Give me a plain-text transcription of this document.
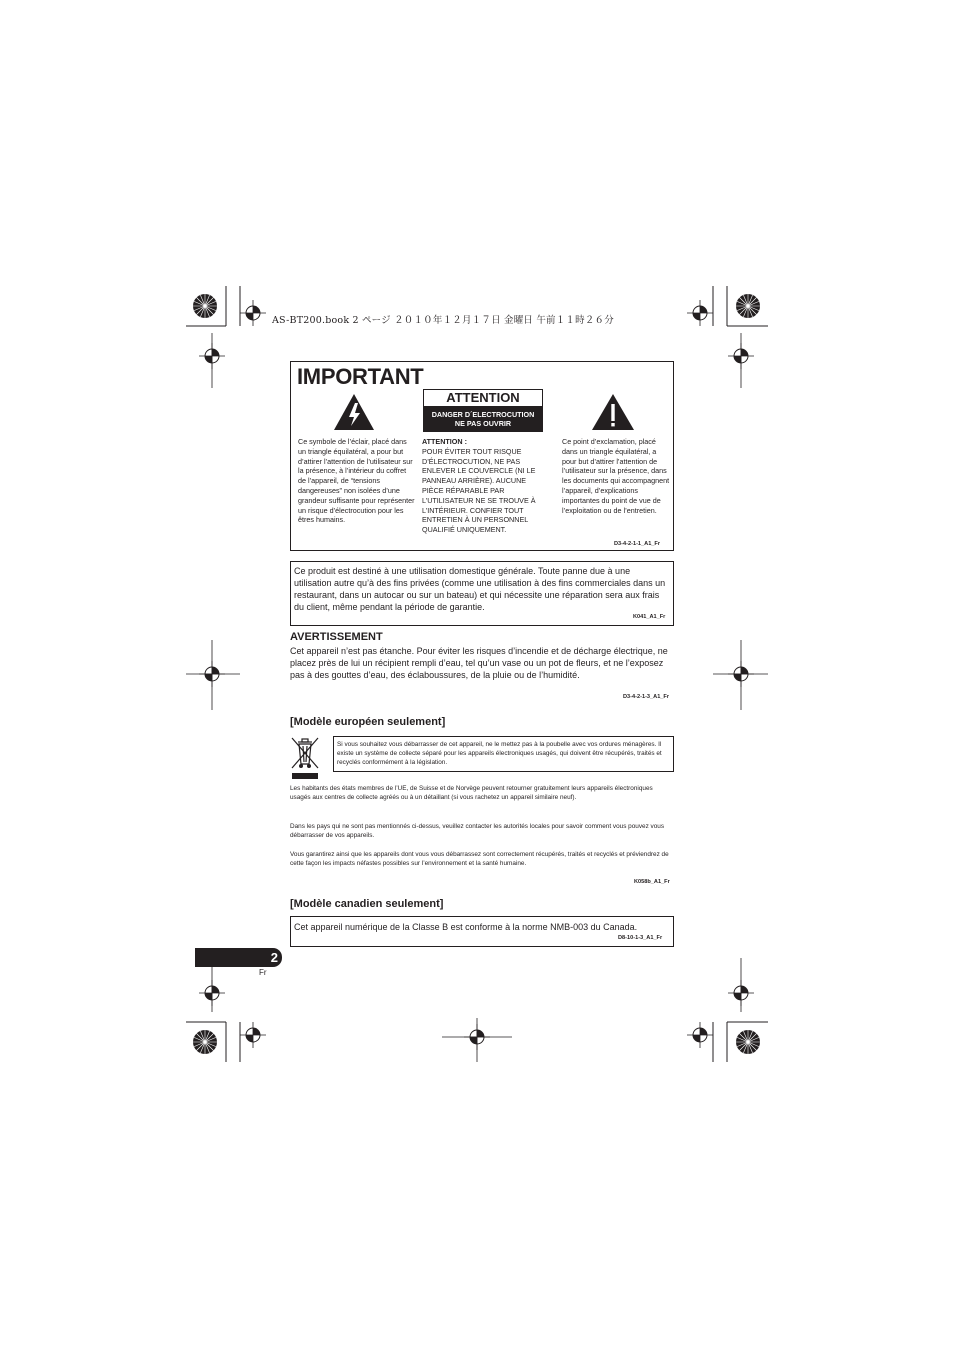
AS-BT200.book 2 ページ ２０１０年１２月１７日 金曜日 午前１１時２６分
IMPORTANT
ATTENTION
DANGER D´ELECTROCUTION
NE PAS OUVRIR
Ce symbole de l’éclair, placé dans un triangle équilatéral, a pour but d’attirer l’attention de l’utilisateur sur la présence, à l’intérieur du coffret de l’appareil, de “tensions dangereuses” non isolées d’une grandeur suffisante pour représenter un risque d’électrocution pour les êtres humains.
ATTENTION :
POUR ÉVITER TOUT RISQUE D’ÉLECTROCUTION, NE PAS ENLEVER LE COUVERCLE (NI LE PANNEAU ARRIÈRE). AUCUNE PIÈCE RÉPARABLE PAR L’UTILISATEUR NE SE TROUVE À L’INTÉRIEUR. CONFIER TOUT ENTRETIEN À UN PERSONNEL QUALIFIÉ UNIQUEMENT.
Ce point d’exclamation, placé dans un triangle équilatéral, a pour but d’attirer l’attention de l’utilisateur sur la présence, dans les documents qui accompagnent l’appareil, d’explications importantes du point de vue de l’exploitation ou de l’entretien.
D3-4-2-1-1_A1_Fr
Ce produit est destiné à une utilisation domestique générale. Toute panne due à une utilisation autre qu’à des fins privées (comme une utilisation à des fins commerciales dans un restaurant, dans un autocar ou sur un bateau) et qui nécessite une réparation sera aux frais du client, même pendant la période de garantie.
K041_A1_Fr
AVERTISSEMENT
Cet appareil n’est pas étanche. Pour éviter les risques d’incendie et de décharge électrique, ne placez près de lui un récipient rempli d’eau, tel qu’un vase ou un pot de fleurs, et ne l’exposez pas à des gouttes d’eau, des éclaboussures, de la pluie ou de l’humidité.
D3-4-2-1-3_A1_Fr
[Modèle européen seulement]
Si vous souhaitez vous débarrasser de cet appareil, ne le mettez pas à la poubelle avec vos ordures ménagères. Il existe un système de collecte séparé pour les appareils électroniques usagés, qui doivent être récupérés, traités et recyclés conformément à la législation.
Les habitants des états membres de l’UE, de Suisse et de Norvège peuvent retourner gratuitement leurs appareils électroniques usagés aux centres de collecte agréés ou à un détaillant (si vous rachetez un appareil similaire neuf).
Dans les pays qui ne sont pas mentionnés ci-dessus, veuillez contacter les autorités locales pour savoir comment vous pouvez vous débarrasser de vos appareils.
Vous garantirez ainsi que les appareils dont vous vous débarrassez sont correctement récupérés, traités et recyclés et préviendrez de cette façon les impacts néfastes possibles sur l’environnement et la santé humaine.
K058b_A1_Fr
[Modèle canadien seulement]
Cet appareil numérique de la Classe B est conforme à la norme NMB-003 du Canada.
D8-10-1-3_A1_Fr
2
Fr
